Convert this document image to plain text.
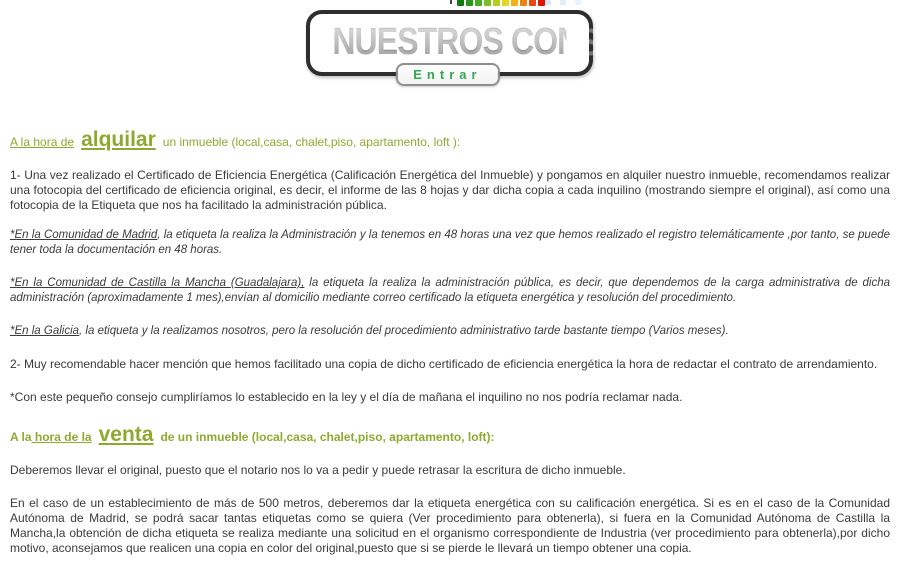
NUESTROS CONSEJOS
Entrar
A la hora de alquilar un inmueble (local,casa, chalet,piso, apartamento, loft ):

1- Una vez realizado el Certificado de Eficiencia Energética (Calificación Energética del Inmueble) y pongamos en alquiler nuestro inmueble, recomendamos realizar una fotocopia del certificado de eficiencia original, es decir, el informe de las 8 hojas y dar dicha copia a cada inquilino (mostrando siempre el original), así como una fotocopia de la Etiqueta que nos ha facilitado la administración pública.

*En la Comunidad de Madrid, la etiqueta la realiza la Administración y la tenemos en 48 horas una vez que hemos realizado el registro telemáticamente ,por tanto, se puede tener toda la documentación en 48 horas.

*En la Comunidad de Castilla la Mancha (Guadalajara), la etiqueta la realiza la administración pública, es decir, que dependemos de la carga administrativa de dicha administración (aproximadamente 1 mes),envían al domicilio mediante correo certificado la etiqueta energética y resolución del procedimiento.

*En la Galicia, la etiqueta y la realizamos nosotros, pero la resolución del procedimiento administrativo tarde bastante tiempo (Varios meses).

2- Muy recomendable hacer mención que hemos facilitado una copia de dicho certificado de eficiencia energética la hora de redactar el contrato de arrendamiento.

*Con este pequeño consejo cumpliríamos lo establecido en la ley y el día de mañana el inquilino no nos podría reclamar nada.

A la hora de la venta de un inmueble (local,casa, chalet,piso, apartamento, loft):

Deberemos llevar el original, puesto que el notario nos lo va a pedir y puede retrasar la escritura de dicho inmueble.

En el caso de un establecimiento de más de 500 metros, deberemos dar la etiqueta energética con su calificación energética. Si es en el caso de la Comunidad Autónoma de Madrid, se podrá sacar tantas etiquetas como se quiera (Ver procedimiento para obtenerla), si fuera en la Comunidad Autónoma de Castilla la Mancha,la obtención de dicha etiqueta se realiza mediante una solicitud en el organismo correspondiente de Industria (ver procedimiento para obtenerla),por dicho motivo, aconsejamos que realicen una copia en color del original,puesto que si se pierde le llevará un tiempo obtener una copia.
